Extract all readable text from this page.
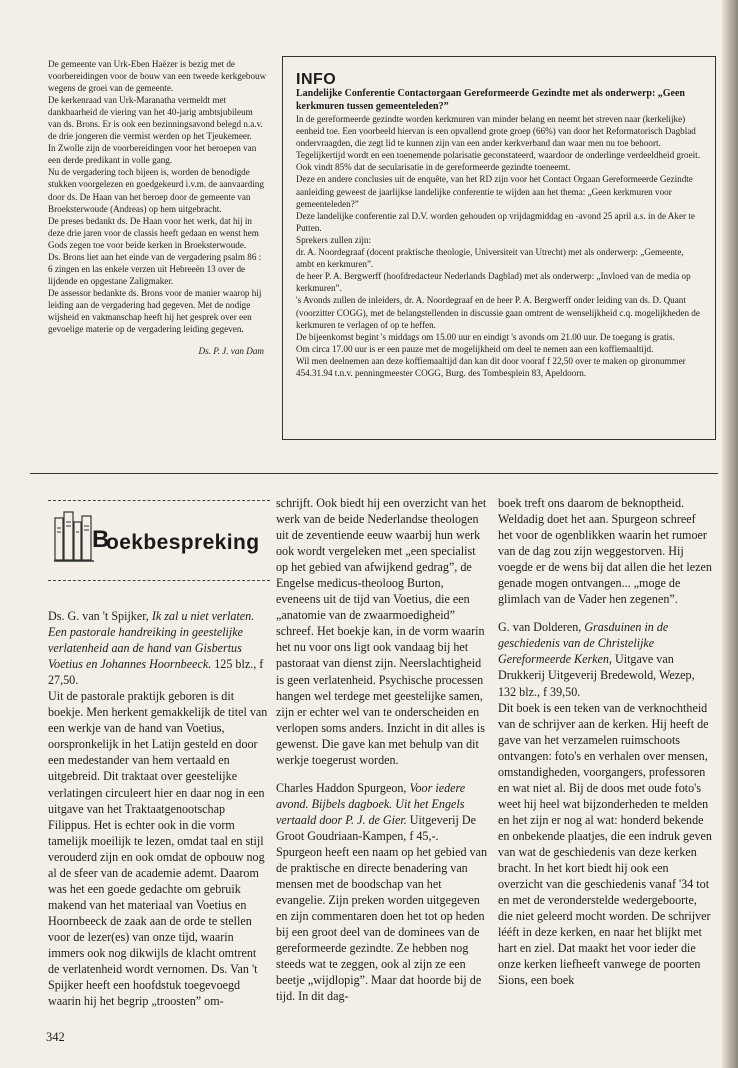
De gemeente van Urk-Eben Haëzer is bezig met de voorbereidingen voor de bouw van een tweede kerkgebouw wegens de groei van de gemeente.

De kerkenraad van Urk-Maranatha vermeldt met dankbaarheid de viering van het 40-jarig ambtsjubileum van ds. Brons. Er is ook een bezinningsavond belegd n.a.v. de drie jongeren die vermist werden op het Tjeukemeer.

In Zwolle zijn de voorbereidingen voor het beroepen van een derde predikant in volle gang.

Nu de vergadering toch bijeen is, worden de benodigde stukken voorgelezen en goedgekeurd i.v.m. de aanvaarding door ds. De Haan van het beroep door de gemeente van Broeksterwoude (Andreas) op hem uitgebracht.

De preses bedankt ds. De Haan voor het werk, dat hij in deze drie jaren voor de classis heeft gedaan en wenst hem Gods zegen toe voor beide kerken in Broeksterwoude.

Ds. Brons liet aan het einde van de vergadering psalm 86 : 6 zingen en las enkele verzen uit Hebreeën 13 over de lijdende en opgestane Zaligmaker.

De assessor bedankte ds. Brons voor de manier waarop hij leiding aan de vergadering had gegeven. Met de nodige wijsheid en vakmanschap heeft hij het gesprek over een gevoelige materie op de vergadering leiding gegeven.

Ds. P. J. van Dam

INFO

Landelijke Conferentie Contactorgaan Gereformeerde Gezindte met als onderwerp: „Geen kerkmuren tussen gemeenteleden?”

In de gereformeerde gezindte worden kerkmuren van minder belang en neemt het streven naar (kerkelijke) eenheid toe. Een voorbeeld hiervan is een opvallend grote groep (66%) van door het Reformatorisch Dagblad ondervraagden, die zegt lid te kunnen zijn van een ander kerkverband dan waar men nu toe behoort. Tegelijkertijd wordt en een toenemende polarisatie geconstateerd, waardoor de onderlinge verdeeldheid groeit. Ook vindt 85% dat de secularisatie in de gereformeerde gezindte toeneemt.

Deze en andere conclusies uit de enquête, van het RD zijn voor het Contact Orgaan Gereformeerde Gezindte aanleiding geweest de jaarlijkse landelijke conferentie te wijden aan het thema: „Geen kerkmuren voor gemeenteleden?”

Deze landelijke conferentie zal D.V. worden gehouden op vrijdagmiddag en -avond 25 april a.s. in de Aker te Putten.

Sprekers zullen zijn:

dr. A. Noordegraaf (docent praktische theologie, Universiteit van Utrecht) met als onderwerp: „Gemeente, ambt en kerkmuren”.

de heer P. A. Bergwerff (hoofdredacteur Nederlands Dagblad) met als onderwerp: „Invloed van de media op kerkmuren”.

's Avonds zullen de inleiders, dr. A. Noordegraaf en de heer P. A. Bergwerff onder leiding van ds. D. Quant (voorzitter COGG), met de belangstellenden in discussie gaan omtrent de wenselijkheid c.q. mogelijkheden de kerkmuren te verlagen of op te heffen.

De bijeenkomst begint 's middags om 15.00 uur en eindigt 's avonds om 21.00 uur. De toegang is gratis.

Om circa 17.00 uur is er een pauze met de mogelijkheid om deel te nemen aan een koffiemaaltijd.

Wil men deelnemen aan deze koffiemaaltijd dan kan dit door vooraf f 22,50 over te maken op gironummer 454.31.94 t.n.v. penningmeester COGG, Burg. des Tombesplein 83, Apeldoorn.

B
oekbespreking

Ds. G. van 't Spijker, Ik zal u niet verlaten. Een pastorale handreiking in geestelijke verlatenheid aan de hand van Gisbertus Voetius en Johannes Hoornbeeck. 125 blz., f 27,50.

Uit de pastorale praktijk geboren is dit boekje. Men herkent gemakkelijk de titel van een werkje van de hand van Voetius, oorspronkelijk in het Latijn gesteld en door een medestander van hem vertaald en uitgebreid. Dit traktaat over geestelijke verlatingen circuleert hier en daar nog in een uitgave van het Traktaatgenootschap Filippus. Het is echter ook in die vorm tamelijk moeilijk te lezen, omdat taal en stijl verouderd zijn en ook omdat de opbouw nog al de sfeer van de academie ademt. Daarom was het een goede gedachte om gebruik makend van het materiaal van Voetius en Hoornbeeck de zaak aan de orde te stellen voor de lezer(es) van onze tijd, waarin immers ook nog dikwijls de klacht omtrent de verlatenheid wordt vernomen. Ds. Van 't Spijker heeft een hoofdstuk toegevoegd waarin hij het begrip „troosten” om-

schrijft. Ook biedt hij een overzicht van het werk van de beide Nederlandse theologen uit de zeventiende eeuw waarbij hun werk ook wordt vergeleken met „een specialist op het gebied van afwijkend gedrag”, de Engelse medicus-theoloog Burton, eveneens uit de tijd van Voetius, die een „anatomie van de zwaarmoedigheid” schreef. Het boekje kan, in de vorm waarin het nu voor ons ligt ook vandaag bij het pastoraat van dienst zijn. Neerslachtigheid is geen verlatenheid. Psychische processen hangen wel terdege met geestelijke samen, zijn er echter wel van te onderscheiden en verlopen soms anders. Inzicht in dit alles is gewenst. Die gave kan met behulp van dit werkje toegerust worden.

Charles Haddon Spurgeon, Voor iedere avond. Bijbels dagboek. Uit het Engels vertaald door P. J. de Gier. Uitgeverij De Groot Goudriaan-Kampen, f 45,-.

Spurgeon heeft een naam op het gebied van de praktische en directe benadering van mensen met de boodschap van het evangelie. Zijn preken worden uitgegeven en zijn commentaren doen het tot op heden bij een groot deel van de dominees van de gereformeerde gezindte. Ze hebben nog steeds wat te zeggen, ook al zijn ze een beetje „wijdlopig”. Maar dat hoorde bij de tijd. In dit dag-

boek treft ons daarom de beknoptheid. Weldadig doet het aan. Spurgeon schreef het voor de ogenblikken waarin het rumoer van de dag zou zijn weggestorven. Hij voegde er de wens bij dat allen die het lezen genade mogen ontvangen... „moge de glimlach van de Vader hen zegenen”.

G. van Dolderen, Grasduinen in de geschiedenis van de Christelijke Gereformeerde Kerken, Uitgave van Drukkerij Uitgeverij Bredewold, Wezep, 132 blz., f 39,50.

Dit boek is een teken van de verknochtheid van de schrijver aan de kerken. Hij heeft de gave van het verzamelen ruimschoots ontvangen: foto's en verhalen over mensen, omstandigheden, voorgangers, professoren en wat niet al. Bij de doos met oude foto's weet hij heel wat bijzonderheden te melden en het zijn er nog al wat: honderd bekende en onbekende plaatjes, die een indruk geven van wat de geschiedenis van deze kerken bracht. In het kort biedt hij ook een overzicht van die geschiedenis vanaf '34 tot en met de veronderstelde wedergeboorte, die niet geleerd mocht worden. De schrijver lééft in deze kerken, en naar het blijkt met hart en ziel. Dat maakt het voor ieder die onze kerken liefheeft vanwege de poorten Sions, een boek

342
